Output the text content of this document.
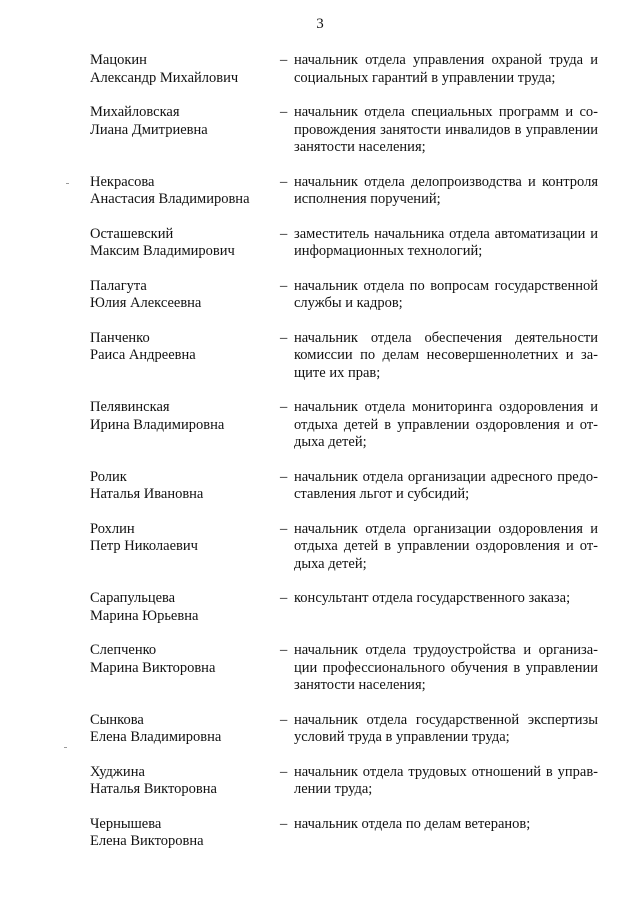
3
Мацокин
Александр Михайлович
– начальник отдела управления охраной труда и
социальных гарантий в управлении труда;
Михайловская
Лиана Дмитриевна
– начальник отдела специальных программ и со-
провождения занятости инвалидов в управлении
занятости населения;
Некрасова
Анастасия Владимировна
– начальник отдела делопроизводства и контроля
исполнения поручений;
Осташевский
Максим Владимирович
– заместитель начальника отдела автоматизации и
информационных технологий;
Палагута
Юлия Алексеевна
– начальник отдела по вопросам государственной
службы и кадров;
Панченко
Раиса Андреевна
– начальник отдела обеспечения деятельности
комиссии по делам несовершеннолетних и за-
щите их прав;
Пелявинская
Ирина Владимировна
– начальник отдела мониторинга оздоровления и
отдыха детей в управлении оздоровления и от-
дыха детей;
Ролик
Наталья Ивановна
– начальник отдела организации адресного предо-
ставления льгот и субсидий;
Рохлин
Петр Николаевич
– начальник отдела организации оздоровления и
отдыха детей в управлении оздоровления и от-
дыха детей;
Сарапульцева
Марина Юрьевна
– консультант отдела государственного заказа;
Слепченко
Марина Викторовна
– начальник отдела трудоустройства и организа-
ции профессионального обучения в управлении
занятости населения;
Сынкова
Елена Владимировна
– начальник отдела государственной экспертизы
условий труда в управлении труда;
Худжина
Наталья Викторовна
– начальник отдела трудовых отношений в управ-
лении труда;
Чернышева
Елена Викторовна
– начальник отдела по делам ветеранов;
